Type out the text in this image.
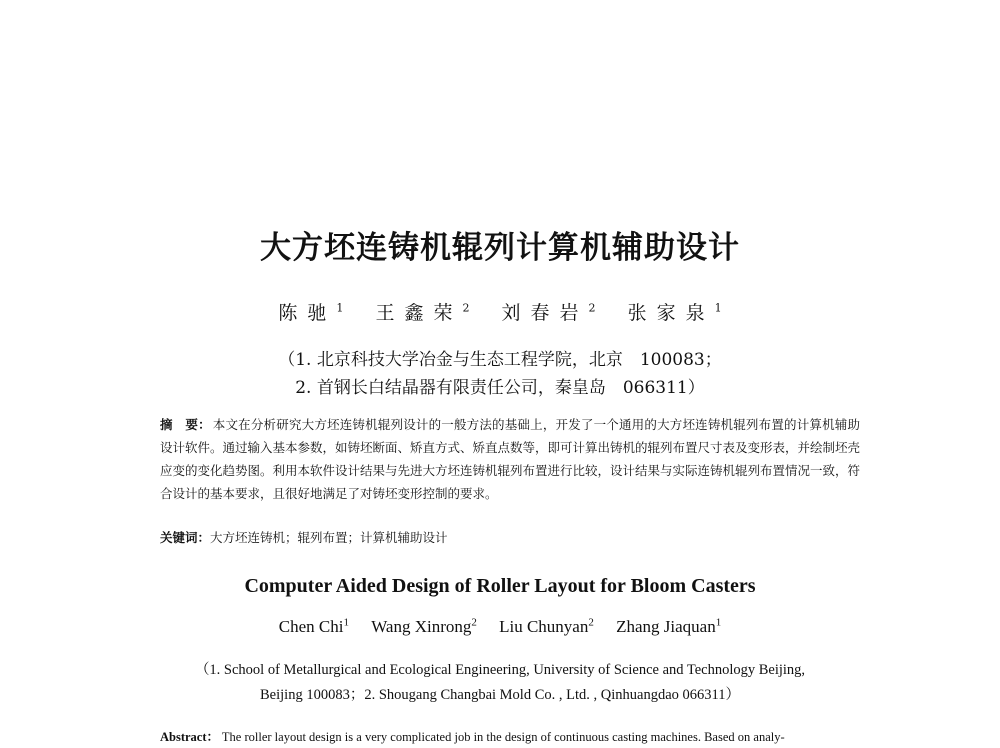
大方坯连铸机辊列计算机辅助设计
陈驰$^1$ 王鑫荣$^2$ 刘春岩$^2$ 张家泉$^1$
（1. 北京科技大学冶金与生态工程学院，北京　100083；
2. 首钢长白结晶器有限责任公司，秦皇岛　066311）
摘　要： 本文在分析研究大方坯连铸机辊列设计的一般方法的基础上，开发了一个通用的大方坯连铸机辊列布置的计算机辅助设计软件。通过输入基本参数，如铸坯断面、矫直方式、矫直点数等，即可计算出铸机的辊列布置尺寸表及变形表，并绘制坯壳应变的变化趋势图。利用本软件设计结果与先进大方坯连铸机辊列布置进行比较，设计结果与实际连铸机辊列布置情况一致，符合设计的基本要求，且很好地满足了对铸坯变形控制的要求。
关键词：大方坯连铸机；辊列布置；计算机辅助设计
Computer Aided Design of Roller Layout for Bloom Casters
Chen Chi$^1$ Wang Xinrong$^2$ Liu Chunyan$^2$ Zhang Jiaquan$^1$
（1. School of Metallurgical and Ecological Engineering, University of Science and Technology Beijing,
Beijing 100083；2. Shougang Changbai Mold Co. , Ltd. , Qinhuangdao 066311）
Abstract： The roller layout design is a very complicated job in the design of continuous casting machines. Based on analy-
